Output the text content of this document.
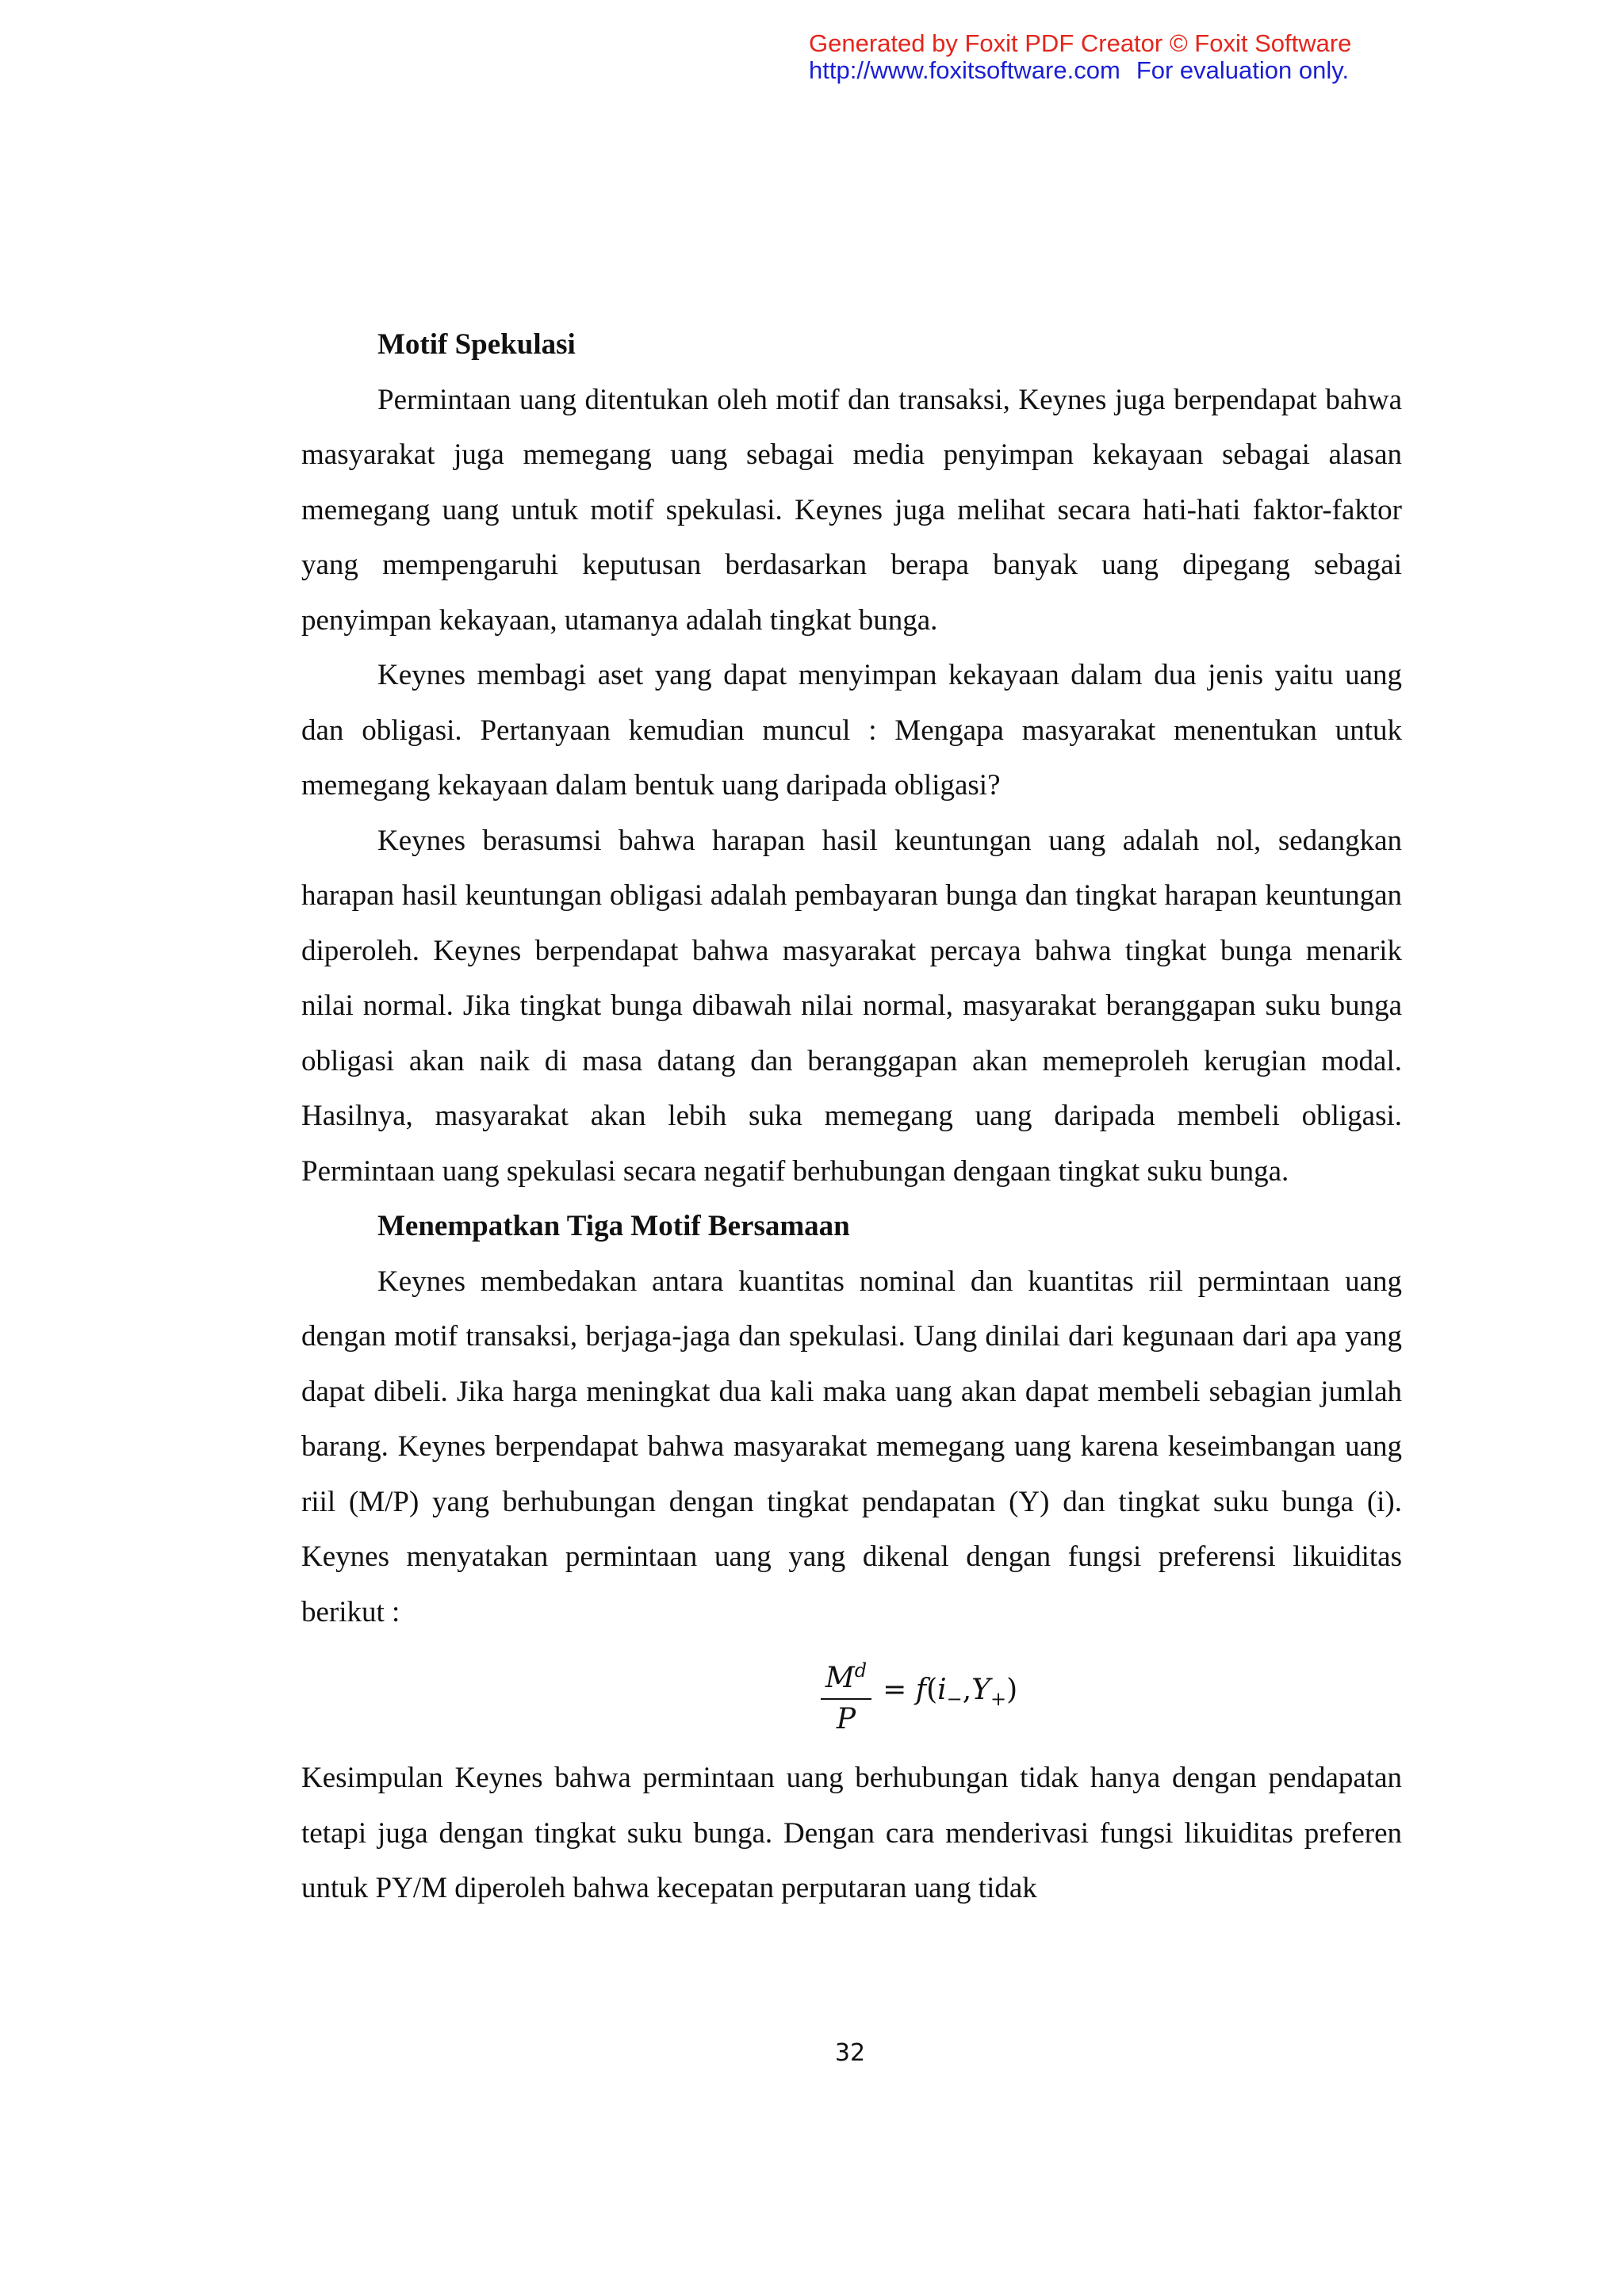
Generated by Foxit PDF Creator © Foxit Software
http://www.foxitsoftware.com For evaluation only.

Motif Spekulasi

Permintaan uang ditentukan oleh motif dan transaksi, Keynes juga berpendapat bahwa masyarakat juga memegang uang sebagai media penyimpan kekayaan sebagai alasan memegang uang untuk motif spekulasi. Keynes juga melihat secara hati-hati faktor-faktor yang mempengaruhi keputusan berdasarkan berapa banyak uang dipegang sebagai penyimpan kekayaan, utamanya adalah tingkat bunga.

Keynes membagi aset yang dapat menyimpan kekayaan dalam dua jenis yaitu uang dan obligasi. Pertanyaan kemudian muncul : Mengapa masyarakat menentukan untuk memegang kekayaan dalam bentuk uang daripada obligasi?

Keynes berasumsi bahwa harapan hasil keuntungan uang adalah nol, sedangkan harapan hasil keuntungan obligasi adalah pembayaran bunga dan tingkat harapan keuntungan diperoleh. Keynes berpendapat bahwa masyarakat percaya bahwa tingkat bunga menarik nilai normal. Jika tingkat bunga dibawah nilai normal, masyarakat beranggapan suku bunga obligasi akan naik di masa datang dan beranggapan akan memeproleh kerugian modal. Hasilnya, masyarakat akan lebih suka memegang uang daripada membeli obligasi. Permintaan uang spekulasi secara negatif berhubungan dengaan tingkat suku bunga.

Menempatkan Tiga Motif Bersamaan

Keynes membedakan antara kuantitas nominal dan kuantitas riil permintaan uang dengan motif transaksi, berjaga-jaga dan spekulasi. Uang dinilai dari kegunaan dari apa yang dapat dibeli. Jika harga meningkat dua kali maka uang akan dapat membeli sebagian jumlah barang. Keynes berpendapat bahwa masyarakat memegang uang karena keseimbangan uang riil (M/P) yang berhubungan dengan tingkat pendapatan (Y) dan tingkat suku bunga (i). Keynes menyatakan permintaan uang yang dikenal dengan fungsi preferensi likuiditas berikut :

$\frac{M^d}{P} = f(i_-,Y_+)$

Kesimpulan Keynes bahwa permintaan uang berhubungan tidak hanya dengan pendapatan tetapi juga dengan tingkat suku bunga. Dengan cara menderivasi fungsi likuiditas preferen untuk PY/M diperoleh bahwa kecepatan perputaran uang tidak

32
